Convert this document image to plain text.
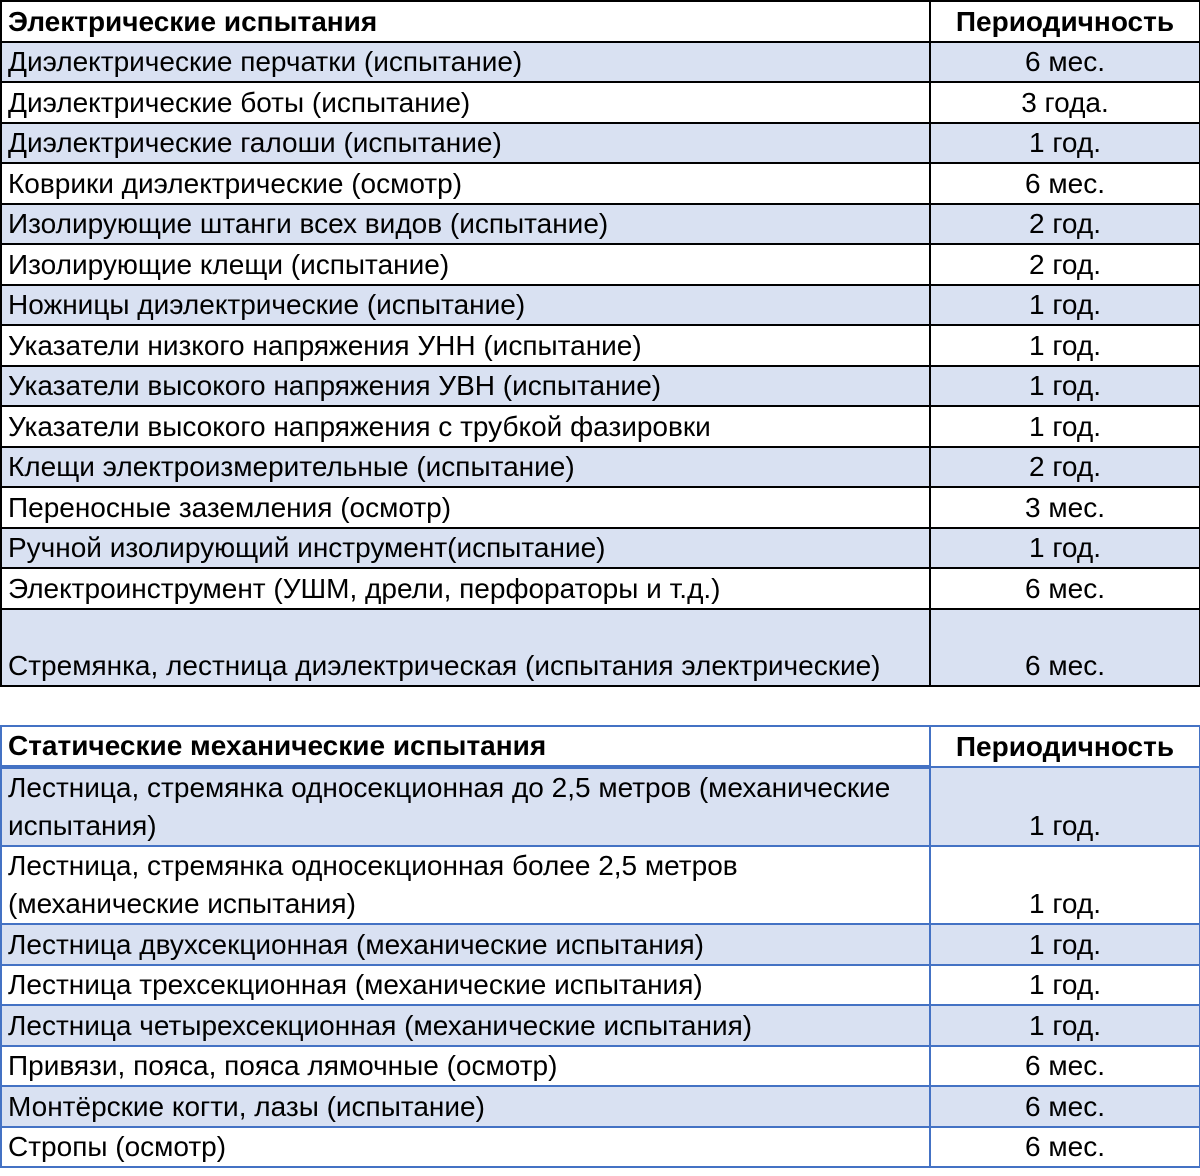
Электрические испытания	Периодичность
Диэлектрические перчатки (испытание)	6 мес.
Диэлектрические боты (испытание)	3 года.
Диэлектрические галоши (испытание)	1 год.
Коврики диэлектрические (осмотр)	6 мес.
Изолирующие штанги всех видов (испытание)	2 год.
Изолирующие клещи (испытание)	2 год.
Ножницы диэлектрические (испытание)	1 год.
Указатели низкого напряжения УНН (испытание)	1 год.
Указатели высокого напряжения УВН (испытание)	1 год.
Указатели высокого напряжения с трубкой фазировки	1 год.
Клещи электроизмерительные (испытание)	2 год.
Переносные заземления (осмотр)	3 мес.
Ручной изолирующий инструмент(испытание)	1 год.
Электроинструмент (УШМ, дрели, перфораторы и т.д.)	6 мес.
Стремянка, лестница диэлектрическая (испытания электрические)	6 мес.
Статические механические испытания	Периодичность
Лестница, стремянка односекционная до 2,5 метров (механические испытания)	1 год.
Лестница, стремянка односекционная более 2,5 метров (механические испытания)	1 год.
Лестница двухсекционная (механические испытания)	1 год.
Лестница трехсекционная (механические испытания)	1 год.
Лестница четырехсекционная (механические испытания)	1 год.
Привязи, пояса, пояса лямочные (осмотр)	6 мес.
Монтёрские когти, лазы (испытание)	6 мес.
Стропы (осмотр)	6 мес.
